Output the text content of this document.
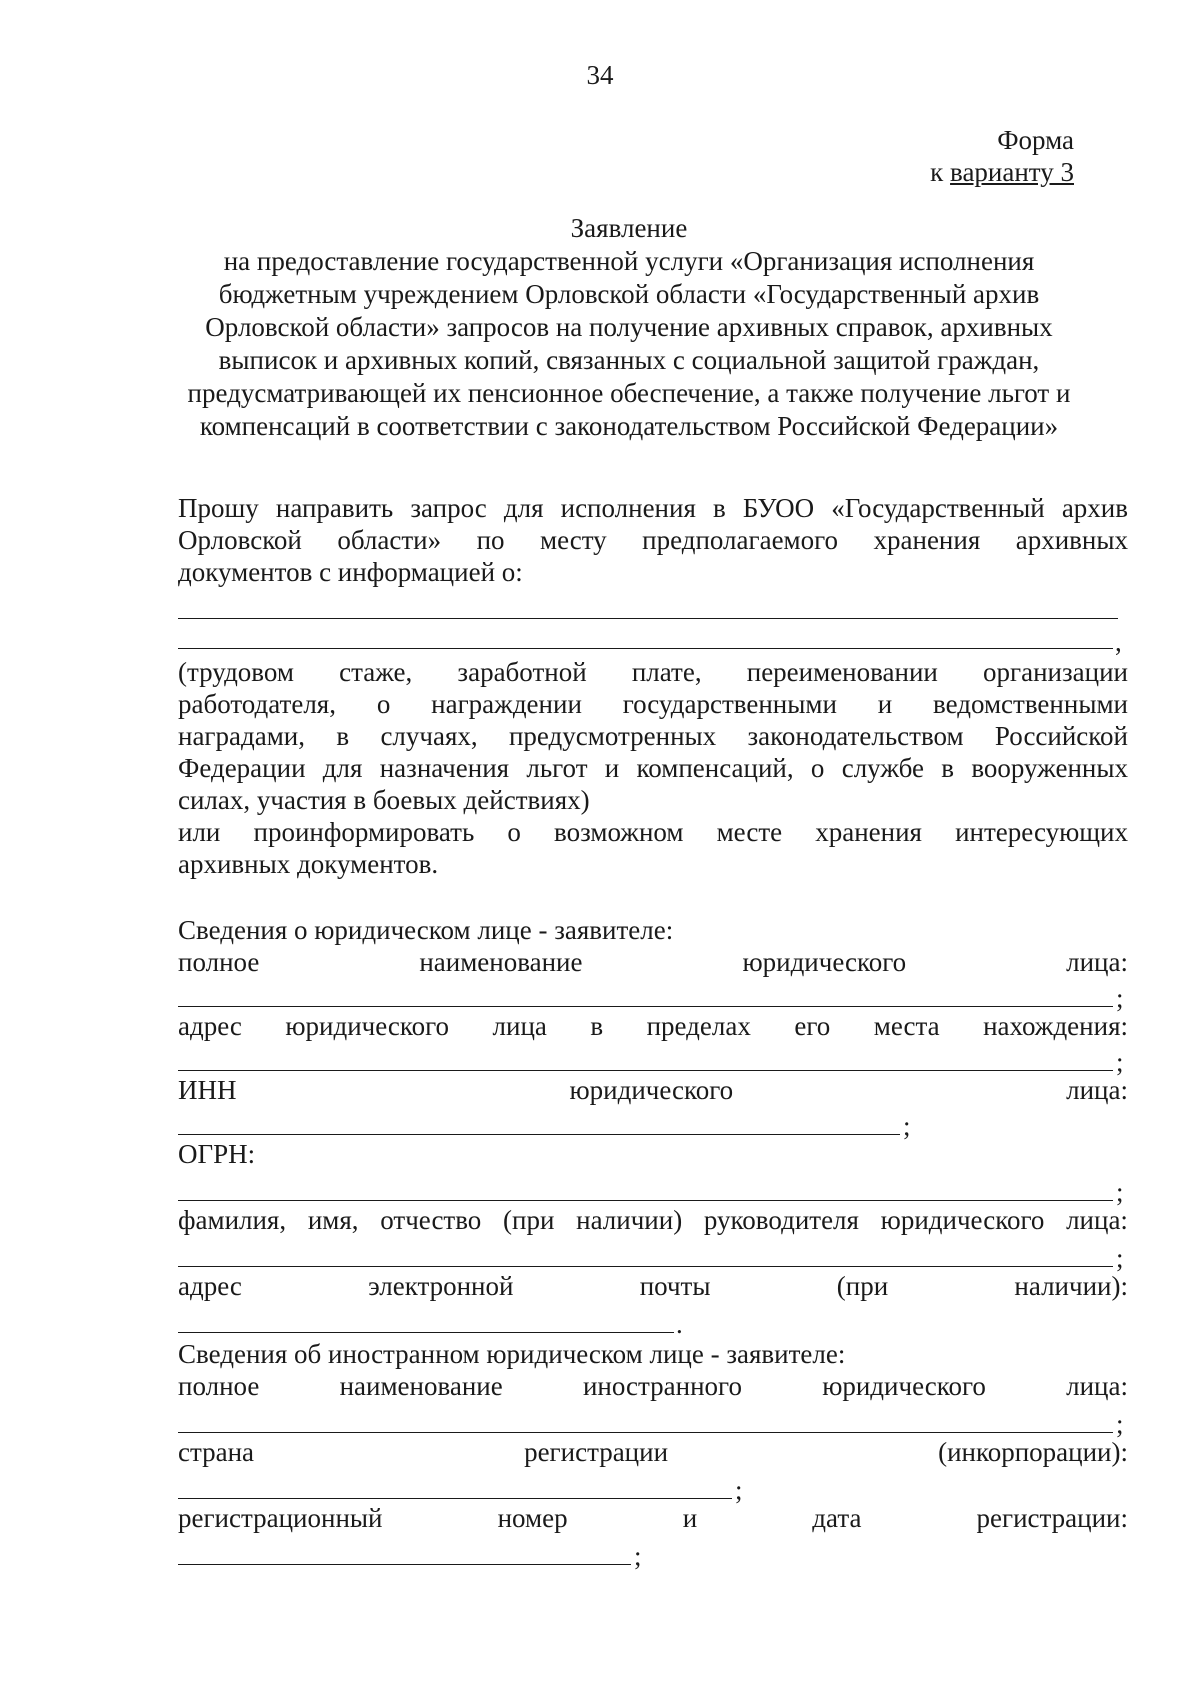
34
Форма
к варианту 3
Заявление
на предоставление государственной услуги «Организация исполнения
бюджетным учреждением Орловской области «Государственный архив
Орловской области» запросов на получение архивных справок, архивных
выписок и архивных копий, связанных с социальной защитой граждан,
предусматривающей их пенсионное обеспечение, а также получение льгот и
компенсаций в соответствии с законодательством Российской Федерации»
Прошу направить запрос для исполнения в БУОО «Государственный архив
Орловской области» по месту предполагаемого хранения архивных
документов с информацией о:
,
(трудовом стаже, заработной плате, переименовании организации
работодателя, о награждении государственными и ведомственными
наградами, в случаях, предусмотренных законодательством Российской
Федерации для назначения льгот и компенсаций, о службе в вооруженных
силах, участия в боевых действиях)
или проинформировать о возможном месте хранения интересующих
архивных документов.
Сведения о юридическом лице - заявителе:
полное	наименование	юридического	лица:
;
адрес юридического лица в пределах его места нахождения:
;
ИНН	юридического	лица:
;
ОГРН:
;
фамилия, имя, отчество (при наличии) руководителя юридического лица:
;
адрес	электронной	почты	(при	наличии):
.
Сведения об иностранном юридическом лице - заявителе:
полное	наименование	иностранного	юридического	лица:
;
страна	регистрации	(инкорпорации):
;
регистрационный	номер	и	дата	регистрации:
;
